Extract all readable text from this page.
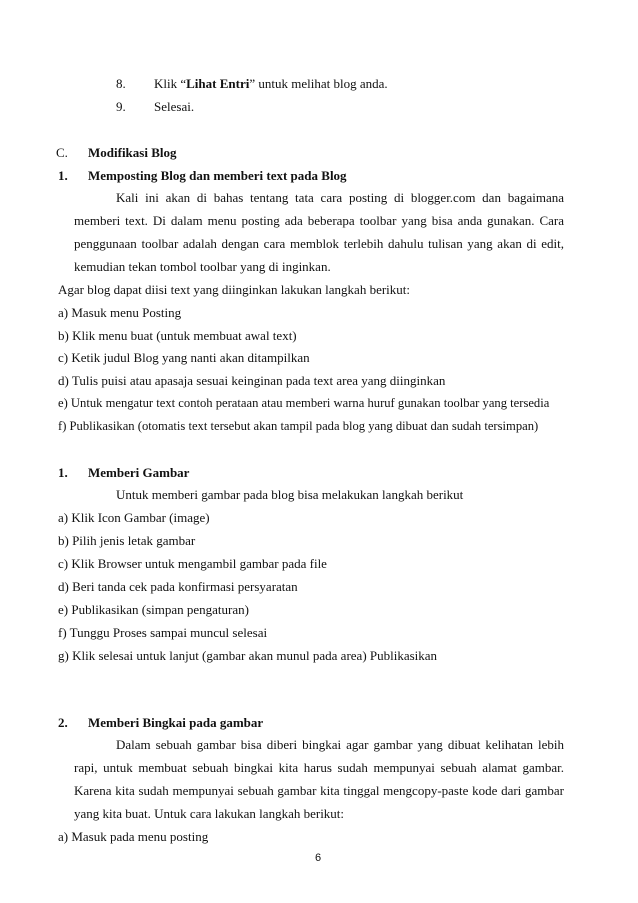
8. Klik “Lihat Entri” untuk melihat blog anda.
9. Selesai.
C. Modifikasi Blog
1. Memposting Blog dan memberi text pada Blog
Kali ini akan di bahas tentang tata cara posting di blogger.com dan bagaimana
memberi text. Di dalam menu posting ada beberapa toolbar yang bisa anda gunakan. Cara
penggunaan toolbar adalah dengan cara memblok terlebih dahulu tulisan yang akan di edit,
kemudian tekan tombol toolbar yang di inginkan.
Agar blog dapat diisi text yang diinginkan lakukan langkah berikut:
a) Masuk menu Posting
b) Klik menu buat (untuk membuat awal text)
c) Ketik judul Blog yang nanti akan ditampilkan
d) Tulis puisi atau apasaja sesuai keinginan pada text area yang diinginkan
e) Untuk mengatur text contoh perataan atau memberi warna huruf gunakan toolbar yang tersedia
f) Publikasikan (otomatis text tersebut akan tampil pada blog yang dibuat dan sudah tersimpan)
1. Memberi Gambar
Untuk memberi gambar pada blog bisa melakukan langkah berikut
a) Klik Icon Gambar (image)
b) Pilih jenis letak gambar
c) Klik Browser untuk mengambil gambar pada file
d) Beri tanda cek pada konfirmasi persyaratan
e) Publikasikan (simpan pengaturan)
f) Tunggu Proses sampai muncul selesai
g) Klik selesai untuk lanjut (gambar akan munul pada area) Publikasikan
2. Memberi Bingkai pada gambar
Dalam sebuah gambar bisa diberi bingkai agar gambar yang dibuat kelihatan lebih
rapi, untuk membuat sebuah bingkai kita harus sudah mempunyai sebuah alamat gambar.
Karena kita sudah mempunyai sebuah gambar kita tinggal mengcopy-paste kode dari gambar
yang kita buat. Untuk cara lakukan langkah berikut:
a) Masuk pada menu posting
6
